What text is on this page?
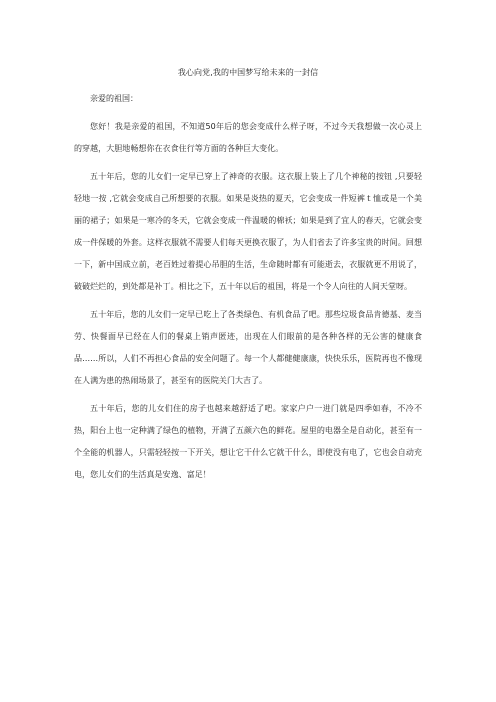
我心向党,我的中国梦写给未来的一封信

亲爱的祖国：

您好！我是亲爱的祖国，不知道50年后的您会变成什么样子呀，不过今天我想做一次心灵上的穿越，大胆地畅想你在衣食住行等方面的各种巨大变化。

五十年后，您的儿女们一定早已穿上了神奇的衣服。这衣服上装上了几个神秘的按钮 ,只要轻轻地一按 ,它就会变成自己所想要的衣服。如果是炎热的夏天，它会变成一件短裤ｔ恤或是一个美丽的裙子；如果是一寒冷的冬天，它就会变成一件温暖的棉袄；如果是到了宜人的春天，它就会变成一件保暖的外套。这样衣服就不需要人们每天更换衣服了，为人们省去了许多宝贵的时间。回想一下，新中国成立前，老百姓过着提心吊胆的生活，生命随时都有可能逝去，衣服就更不用说了，破破烂烂的，到处都是补丁。相比之下，五十年以后的祖国，将是一个令人向往的人间天堂呀。

五十年后，您的儿女们一定早已吃上了各类绿色、有机食品了吧。那些垃圾食品肯德基、麦当劳、快餐面早已经在人们的餐桌上销声匿迹，出现在人们眼前的是各种各样的无公害的健康食品……所以，人们不再担心食品的安全问题了。每一个人都健健康康，快快乐乐，医院再也不像现在人满为患的热闹场景了，甚至有的医院关门大吉了。

五十年后，您的儿女们住的房子也越来越舒适了吧。家家户户一进门就是四季如春，不冷不热，阳台上也一定种满了绿色的植物，开满了五颜六色的鲜花。屋里的电器全是自动化，甚至有一个全能的机器人，只需轻轻按一下开关，想让它干什么它就干什么，即使没有电了，它也会自动充电，您儿女们的生活真是安逸、富足！
